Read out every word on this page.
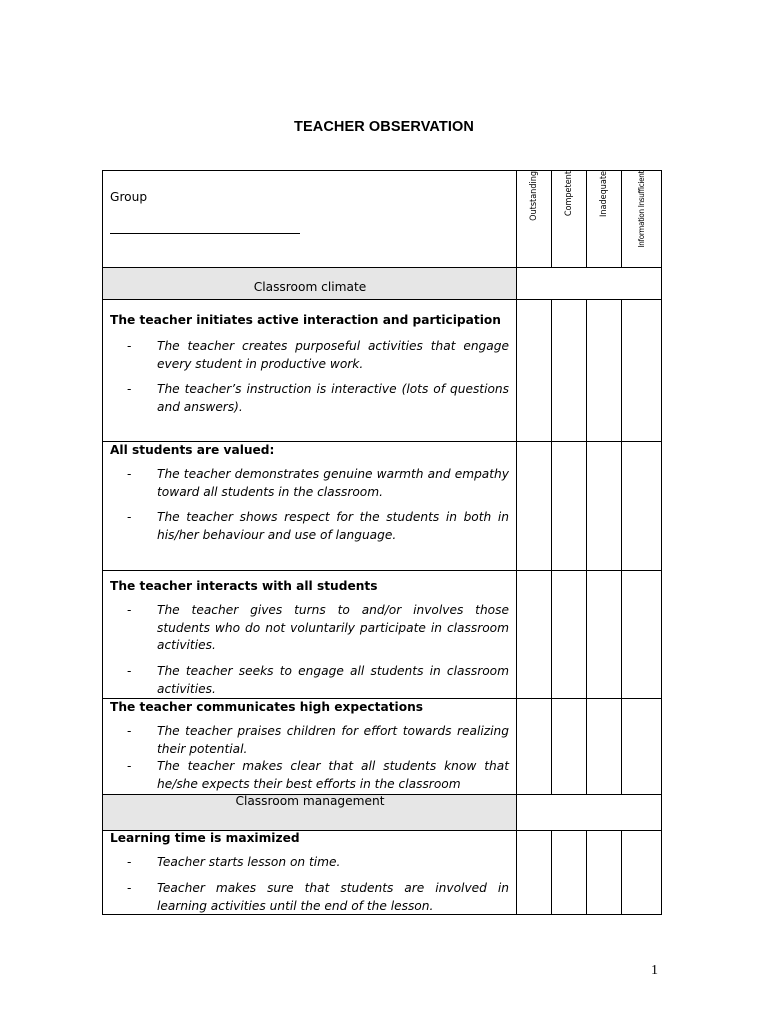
TEACHER OBSERVATION
Group	Outstanding	Competent	Inadequate	Information Insufficient
Classroom climate
The teacher initiates active interaction and participation
- The teacher creates purposeful activities that engage every student in productive work.
- The teacher’s instruction is interactive (lots of questions and answers).
All students are valued:
- The teacher demonstrates genuine warmth and empathy toward all students in the classroom.
- The teacher shows respect for the students in both in his/her behaviour and use of language.
The teacher interacts with all students
- The teacher gives turns to and/or involves those students who do not voluntarily participate in classroom activities.
- The teacher seeks to engage all students in classroom activities.
The teacher communicates high expectations
- The teacher praises children for effort towards realizing their potential.
- The teacher makes clear that all students know that he/she expects their best efforts in the classroom
Classroom management
Learning time is maximized
- Teacher starts lesson on time.
- Teacher makes sure that students are involved in learning activities until the end of the lesson.
1
